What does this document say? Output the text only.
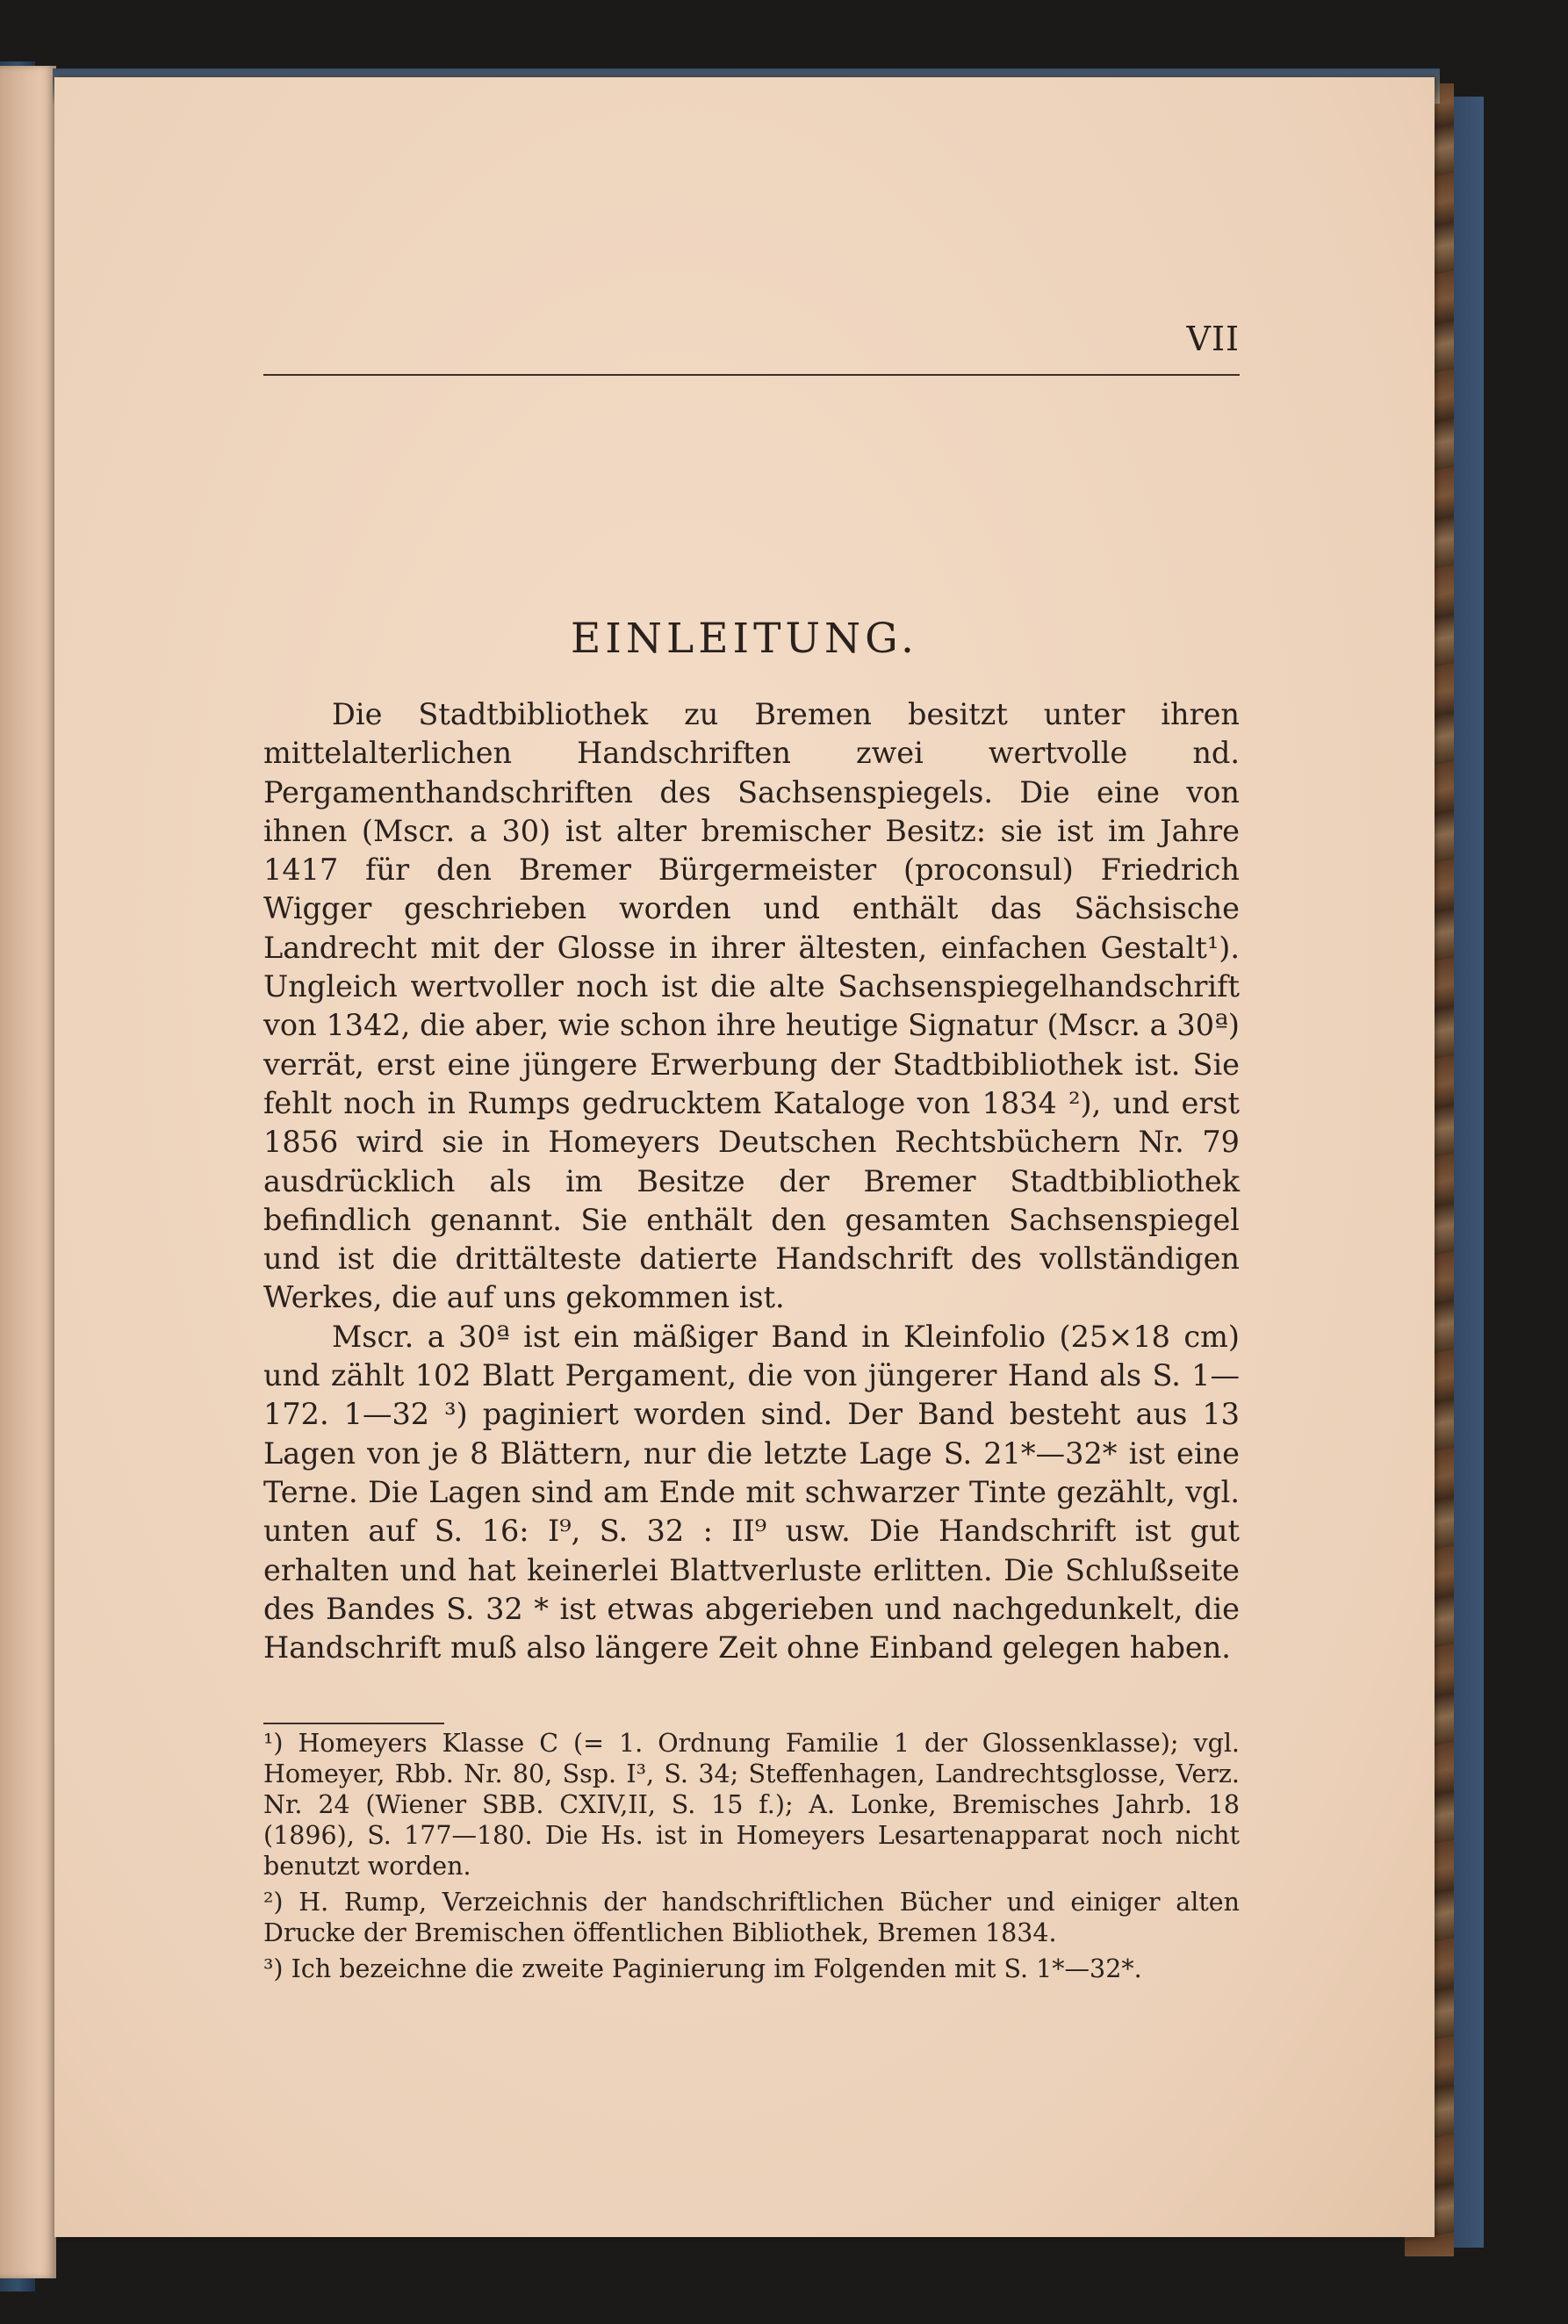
VII
EINLEITUNG.

Die Stadtbibliothek zu Bremen besitzt unter ihren mittelalterlichen Handschriften zwei wertvolle nd. Pergamenthandschriften des Sachsenspiegels. Die eine von ihnen (Mscr. a 30) ist alter bremischer Besitz: sie ist im Jahre 1417 für den Bremer Bürgermeister (proconsul) Friedrich Wigger geschrieben worden und enthält das Sächsische Landrecht mit der Glosse in ihrer ältesten, einfachen Gestalt¹). Ungleich wertvoller noch ist die alte Sachsenspiegelhandschrift von 1342, die aber, wie schon ihre heutige Signatur (Mscr. a 30ª) verrät, erst eine jüngere Erwerbung der Stadtbibliothek ist. Sie fehlt noch in Rumps gedrucktem Kataloge von 1834 ²), und erst 1856 wird sie in Homeyers Deutschen Rechtsbüchern Nr. 79 ausdrücklich als im Besitze der Bremer Stadtbibliothek befindlich genannt. Sie enthält den gesamten Sachsenspiegel und ist die drittälteste datierte Handschrift des vollständigen Werkes, die auf uns gekommen ist.

Mscr. a 30ª ist ein mäßiger Band in Kleinfolio (25×18 cm) und zählt 102 Blatt Pergament, die von jüngerer Hand als S. 1—172. 1—32 ³) paginiert worden sind. Der Band besteht aus 13 Lagen von je 8 Blättern, nur die letzte Lage S. 21*—32* ist eine Terne. Die Lagen sind am Ende mit schwarzer Tinte gezählt, vgl. unten auf S. 16: I⁹, S. 32 : II⁹ usw. Die Handschrift ist gut erhalten und hat keinerlei Blattverluste erlitten. Die Schlußseite des Bandes S. 32 * ist etwas abgerieben und nachgedunkelt, die Handschrift muß also längere Zeit ohne Einband gelegen haben.

¹) Homeyers Klasse C (= 1. Ordnung Familie 1 der Glossenklasse); vgl. Homeyer, Rbb. Nr. 80, Ssp. I³, S. 34; Steffenhagen, Landrechtsglosse, Verz. Nr. 24 (Wiener SBB. CXIV,II, S. 15 f.); A. Lonke, Bremisches Jahrb. 18 (1896), S. 177—180. Die Hs. ist in Homeyers Lesartenapparat noch nicht benutzt worden.

²) H. Rump, Verzeichnis der handschriftlichen Bücher und einiger alten Drucke der Bremischen öffentlichen Bibliothek, Bremen 1834.

³) Ich bezeichne die zweite Paginierung im Folgenden mit S. 1*—32*.
